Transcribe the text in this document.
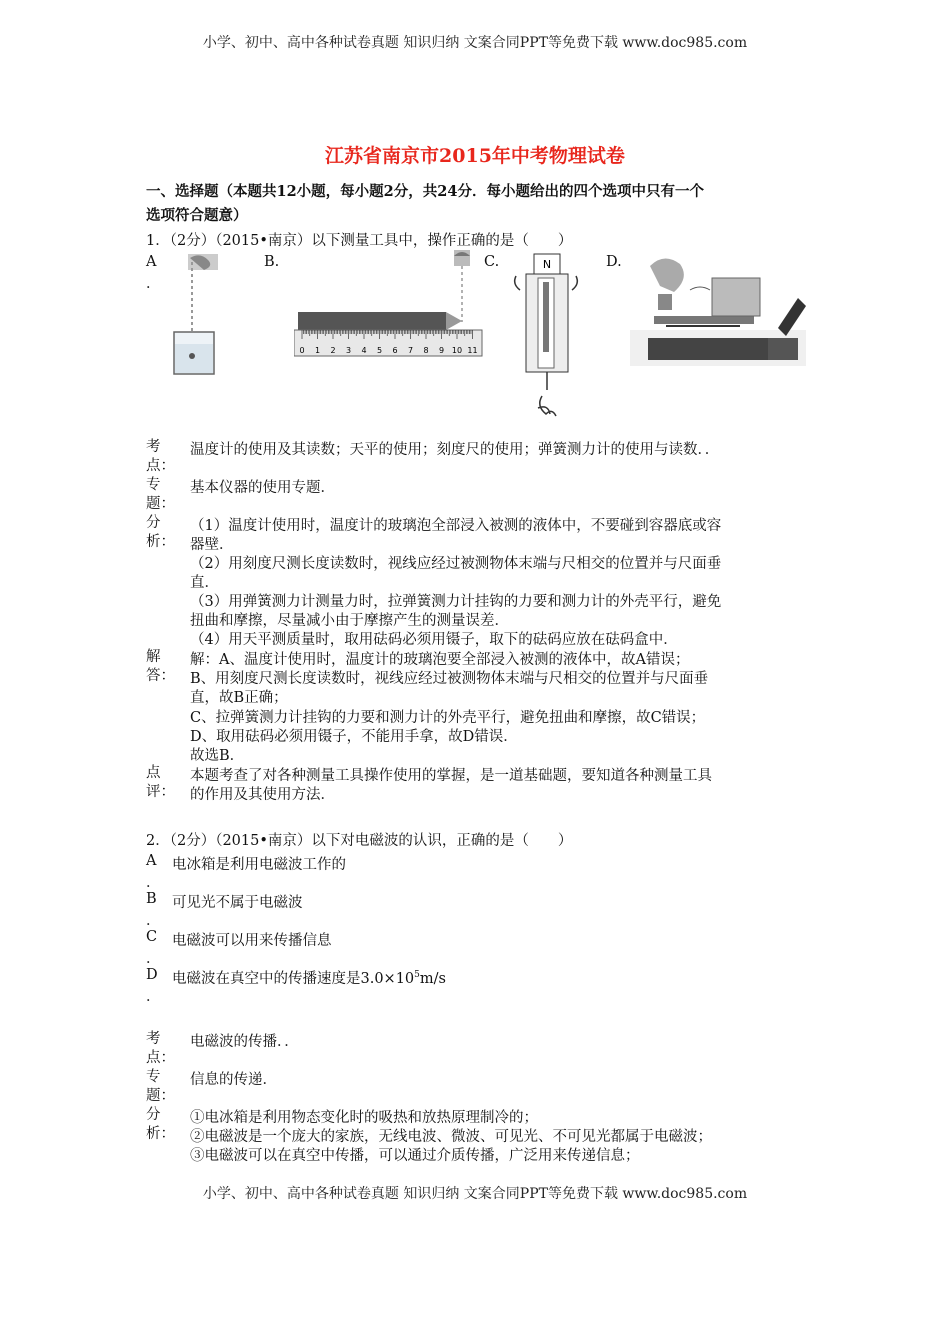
小学、初中、高中各种试卷真题 知识归纳 文案合同PPT等免费下载 www.doc985.com
江苏省南京市2015年中考物理试卷
一、选择题（本题共12小题，每小题2分，共24分．每小题给出的四个选项中只有一个
选项符合题意）
1．（2分）（2015•南京）以下测量工具中，操作正确的是（　　）
A
．
B.	C.	D.
0 1 2 3 4 5 6 7 8 9 10 11
N
考点：
温度计的使用及其读数；天平的使用；刻度尺的使用；弹簧测力计的使用与读数．．
专题：
基本仪器的使用专题．
分析：
（1）温度计使用时，温度计的玻璃泡全部浸入被测的液体中，不要碰到容器底或容
器壁．
（2）用刻度尺测长度读数时，视线应经过被测物体末端与尺相交的位置并与尺面垂
直．
（3）用弹簧测力计测量力时，拉弹簧测力计挂钩的力要和测力计的外壳平行，避免
扭曲和摩擦，尽量减小由于摩擦产生的测量误差．
（4）用天平测质量时，取用砝码必须用镊子，取下的砝码应放在砝码盒中．
解答：
解：A、温度计使用时，温度计的玻璃泡要全部浸入被测的液体中，故A错误；
B、用刻度尺测长度读数时，视线应经过被测物体末端与尺相交的位置并与尺面垂
直，故B正确；
C、拉弹簧测力计挂钩的力要和测力计的外壳平行，避免扭曲和摩擦，故C错误；
D、取用砝码必须用镊子，不能用手拿，故D错误．
故选B．
点评：
本题考查了对各种测量工具操作使用的掌握，是一道基础题，要知道各种测量工具
的作用及其使用方法．
2．（2分）（2015•南京）以下对电磁波的认识，正确的是（　　）
A 电冰箱是利用电磁波工作的
．
B 可见光不属于电磁波
．
C 电磁波可以用来传播信息
．
D 电磁波在真空中的传播速度是$3.0\times 10^5m/s$
．
考点：
电磁波的传播．．
专题：
信息的传递．
分析：
①电冰箱是利用物态变化时的吸热和放热原理制冷的；
②电磁波是一个庞大的家族，无线电波、微波、可见光、不可见光都属于电磁波；
③电磁波可以在真空中传播，可以通过介质传播，广泛用来传递信息；
小学、初中、高中各种试卷真题 知识归纳 文案合同PPT等免费下载 www.doc985.com
